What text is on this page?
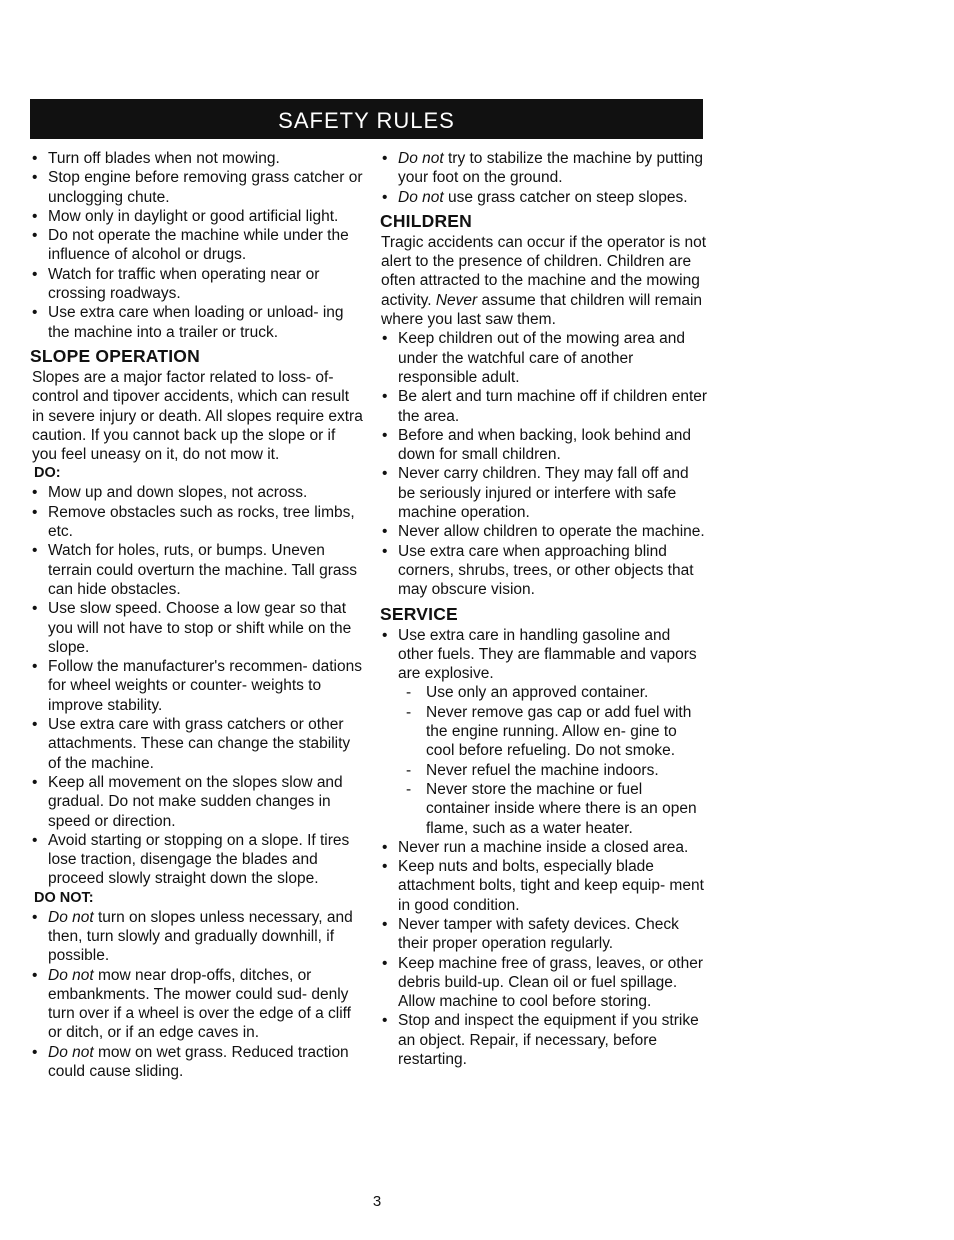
SAFETY RULES
• Turn off blades when not mowing.
• Stop engine before removing grass catcher or unclogging chute.
• Mow only in daylight or good artificial light.
• Do not operate the machine while under the influence of alcohol or drugs.
• Watch for traffic when operating near or crossing roadways.
• Use extra care when loading or unload- ing the machine into a trailer or truck.
SLOPE OPERATION

Slopes are a major factor related to loss- of-control and tipover accidents, which can result in severe injury or death. All slopes require extra caution. If you cannot back up the slope or if you feel uneasy on it, do not mow it.

DO:
• Mow up and down slopes, not across.
• Remove obstacles such as rocks, tree limbs, etc.
• Watch for holes, ruts, or bumps. Uneven terrain could overturn the machine. Tall grass can hide obstacles.
• Use slow speed. Choose a low gear so that you will not have to stop or shift while on the slope.
• Follow the manufacturer's recommen- dations for wheel weights or counter- weights to improve stability.
• Use extra care with grass catchers or other attachments. These can change the stability of the machine.
• Keep all movement on the slopes slow and gradual. Do not make sudden changes in speed or direction.
• Avoid starting or stopping on a slope. If tires lose traction, disengage the blades and proceed slowly straight down the slope.
DO NOT:
• Do not turn on slopes unless necessary, and then, turn slowly and gradually downhill, if possible.
• Do not mow near drop-offs, ditches, or embankments. The mower could sud- denly turn over if a wheel is over the edge of a cliff or ditch, or if an edge caves in.
• Do not mow on wet grass. Reduced traction could cause sliding.
• Do not try to stabilize the machine by putting your foot on the ground.
• Do not use grass catcher on steep slopes.
CHILDREN

Tragic accidents can occur if the operator is not alert to the presence of children. Children are often attracted to the machine and the mowing activity. Never assume that children will remain where you last saw them.

• Keep children out of the mowing area and under the watchful care of another responsible adult.
• Be alert and turn machine off if children enter the area.
• Before and when backing, look behind and down for small children.
• Never carry children. They may fall off and be seriously injured or interfere with safe machine operation.
• Never allow children to operate the machine.
• Use extra care when approaching blind corners, shrubs, trees, or other objects that may obscure vision.
SERVICE
• Use extra care in handling gasoline and other fuels. They are flammable and vapors are explosive.
- Use only an approved container.
- Never remove gas cap or add fuel with the engine running. Allow en- gine to cool before refueling. Do not smoke.
- Never refuel the machine indoors.
- Never store the machine or fuel container inside where there is an open flame, such as a water heater.
• Never run a machine inside a closed area.
• Keep nuts and bolts, especially blade attachment bolts, tight and keep equip- ment in good condition.
• Never tamper with safety devices. Check their proper operation regularly.
• Keep machine free of grass, leaves, or other debris build-up. Clean oil or fuel spillage. Allow machine to cool before storing.
• Stop and inspect the equipment if you strike an object. Repair, if necessary, before restarting.
3
